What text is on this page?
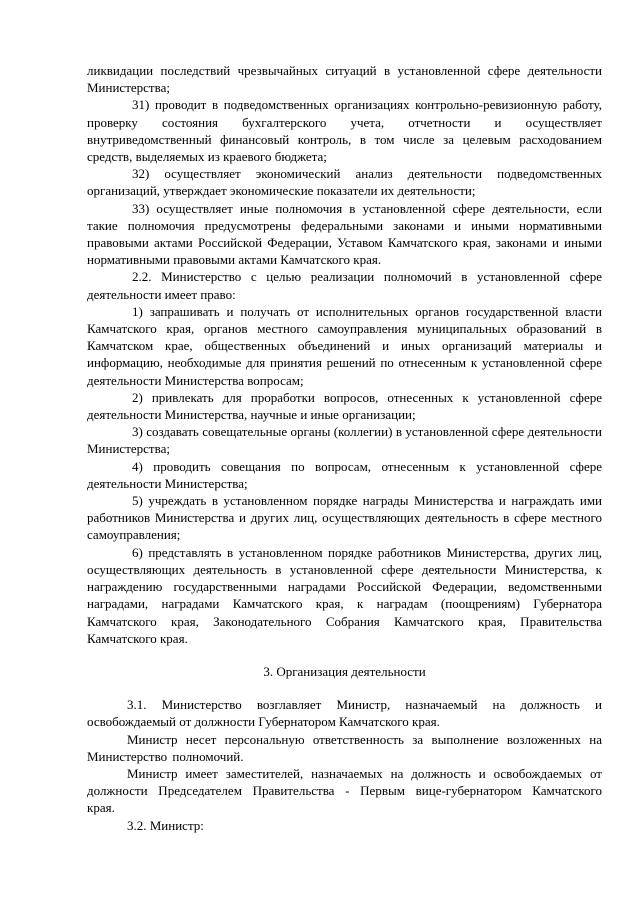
ликвидации последствий чрезвычайных ситуаций в установленной сфере деятельности Министерства;

31) проводит в подведомственных организациях контрольно-ревизионную работу, проверку состояния бухгалтерского учета, отчетности и осуществляет внутриведомственный финансовый контроль, в том числе за целевым расходованием средств, выделяемых из краевого бюджета;

32) осуществляет экономический анализ деятельности подведомственных организаций, утверждает экономические показатели их деятельности;

33) осуществляет иные полномочия в установленной сфере деятельности, если такие полномочия предусмотрены федеральными законами и иными нормативными правовыми актами Российской Федерации, Уставом Камчатского края, законами и иными нормативными правовыми актами Камчатского края.

2.2. Министерство с целью реализации полномочий в установленной сфере деятельности имеет право:

1) запрашивать и получать от исполнительных органов государственной власти Камчатского края, органов местного самоуправления муниципальных образований в Камчатском крае, общественных объединений и иных организаций материалы и информацию, необходимые для принятия решений по отнесенным к установленной сфере деятельности Министерства вопросам;

2) привлекать для проработки вопросов, отнесенных к установленной сфере деятельности Министерства, научные и иные организации;

3) создавать совещательные органы (коллегии) в установленной сфере деятельности Министерства;

4) проводить совещания по вопросам, отнесенным к установленной сфере деятельности Министерства;

5) учреждать в установленном порядке награды Министерства и награждать ими работников Министерства и других лиц, осуществляющих деятельность в сфере местного самоуправления;

6) представлять в установленном порядке работников Министерства, других лиц, осуществляющих деятельность в установленной сфере деятельности Министерства, к награждению государственными наградами Российской Федерации, ведомственными наградами, наградами Камчатского края, к наградам (поощрениям) Губернатора Камчатского края, Законодательного Собрания Камчатского края, Правительства Камчатского края.

3. Организация деятельности

3.1. Министерство возглавляет Министр, назначаемый на должность и освобождаемый от должности Губернатором Камчатского края.

Министр несет персональную ответственность за выполнение возложенных на Министерство полномочий.

Министр имеет заместителей, назначаемых на должность и освобождаемых от должности Председателем Правительства - Первым вице-губернатором Камчатского края.

3.2. Министр:
